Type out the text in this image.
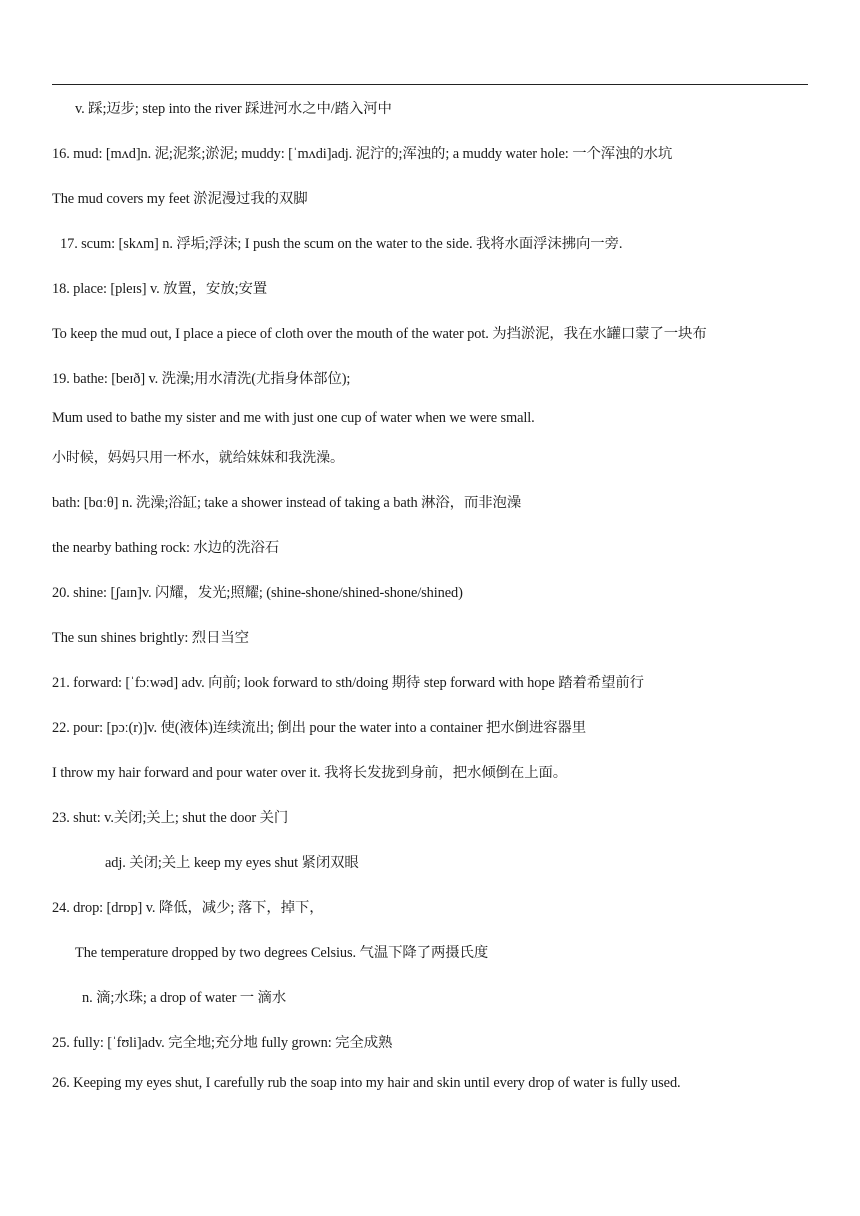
v. 踩;迈步; step into the river 踩进河水之中/踏入河中
16. mud: [mʌd]n. 泥;泥浆;淤泥; muddy: [ˈmʌdi]adj. 泥泞的;浑浊的; a muddy water hole: 一个浑浊的水坑
The mud covers my feet 淤泥漫过我的双脚
17. scum: [skʌm] n. 浮垢;浮沫; I push the scum on the water to the side. 我将水面浮沫拂向一旁.
18. place: [pleɪs] v. 放置，安放;安置
To keep the mud out, I place a piece of cloth over the mouth of the water pot. 为挡淤泥，我在水罐口蒙了一块布
19. bathe: [beɪð] v. 洗澡;用水清洗(尤指身体部位);
Mum used to bathe my sister and me with just one cup of water when we were small.
小时候，妈妈只用一杯水，就给妹妹和我洗澡。
bath: [bɑːθ] n. 洗澡;浴缸; take a shower instead of taking a bath 淋浴，而非泡澡
the nearby bathing rock: 水边的洗浴石
20. shine: [ʃaɪn]v. 闪耀，发光;照耀; (shine-shone/shined-shone/shined)
The sun shines brightly: 烈日当空
21. forward: [ˈfɔːwəd] adv. 向前; look forward to sth/doing 期待 step forward with hope 踏着希望前行
22. pour: [pɔː(r)]v. 使(液体)连续流出; 倒出 pour the water into a container 把水倒进容器里
I throw my hair forward and pour water over it. 我将长发拢到身前，把水倾倒在上面。
23. shut: v.关闭;关上; shut the door 关门
adj. 关闭;关上 keep my eyes shut 紧闭双眼
24. drop: [drɒp] v. 降低，减少; 落下，掉下，
The temperature dropped by two degrees Celsius. 气温下降了两摄氏度
n. 滴;水珠; a drop of water 一 滴水
25. fully: [ˈfʊli]adv. 完全地;充分地 fully grown: 完全成熟
26. Keeping my eyes shut, I carefully rub the soap into my hair and skin until every drop of water is fully used.
